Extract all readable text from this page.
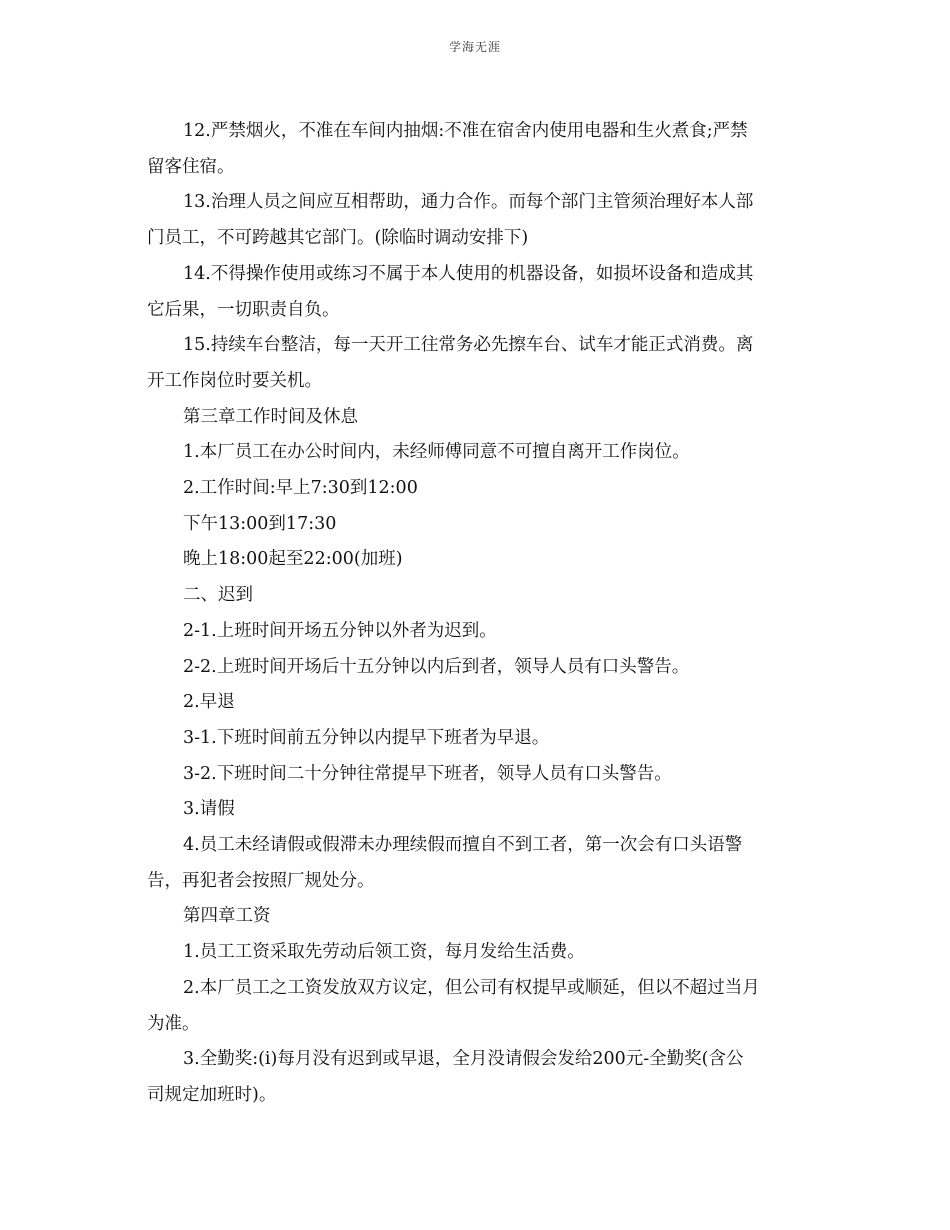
学海无涯

12.严禁烟火，不准在车间内抽烟:不准在宿舍内使用电器和生火煮食;严禁
留客住宿。

13.治理人员之间应互相帮助，通力合作。而每个部门主管须治理好本人部
门员工，不可跨越其它部门。(除临时调动安排下)

14.不得操作使用或练习不属于本人使用的机器设备，如损坏设备和造成其
它后果，一切职责自负。

15.持续车台整洁，每一天开工往常务必先擦车台、试车才能正式消费。离
开工作岗位时要关机。

第三章工作时间及休息

1.本厂员工在办公时间内，未经师傅同意不可擅自离开工作岗位。

2.工作时间:早上7:30到12:00

下午13:00到17:30

晚上18:00起至22:00(加班)

二、迟到

2-1.上班时间开场五分钟以外者为迟到。

2-2.上班时间开场后十五分钟以内后到者，领导人员有口头警告。

2.早退

3-1.下班时间前五分钟以内提早下班者为早退。

3-2.下班时间二十分钟往常提早下班者，领导人员有口头警告。

3.请假

4.员工未经请假或假滞未办理续假而擅自不到工者，第一次会有口头语警
告，再犯者会按照厂规处分。

第四章工资

1.员工工资采取先劳动后领工资，每月发给生活费。

2.本厂员工之工资发放双方议定，但公司有权提早或顺延，但以不超过当月
为准。

3.全勤奖:(i)每月没有迟到或早退，全月没请假会发给200元-全勤奖(含公
司规定加班时)。
